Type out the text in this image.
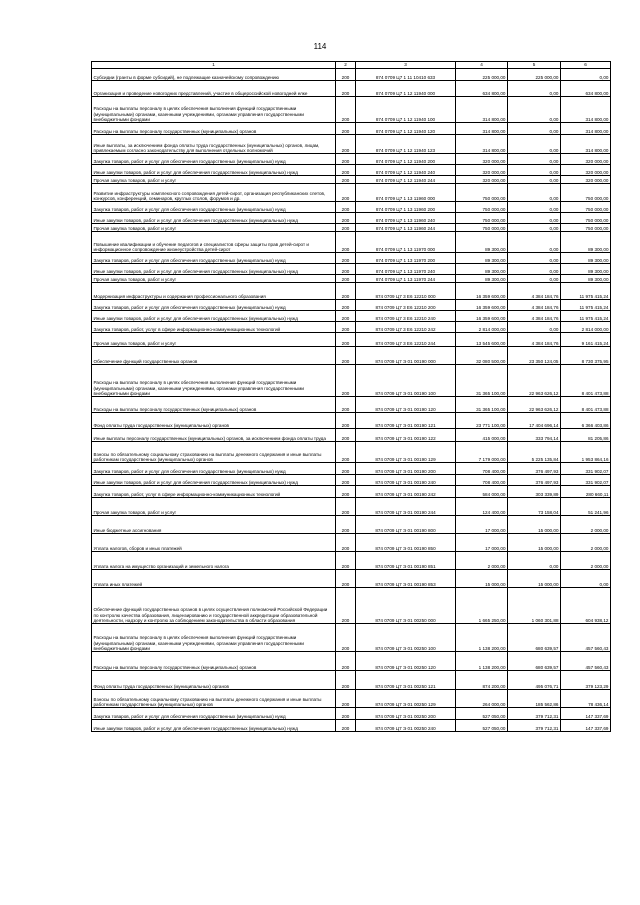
114
1	2	3	4	5	6
Субсидии (гранты в форме субсидий), не подлежащие казначейскому сопровождению	200	874 0709 Ц7 1 11 10410 633	225 000,00	225 000,00	0,00
Организация и проведение новогодних представлений, участие в общероссийской новогодней елке	200	874 0709 Ц7 1 12 11940 000	634 800,00	0,00	634 800,00
Расходы на выплаты персоналу в целях обеспечения выполнения функций государственными (муниципальными) органами, казенными учреждениями, органами управления государственными внебюджетными фондами	200	874 0709 Ц7 1 12 11940 100	314 800,00	0,00	314 800,00
Расходы на выплаты персоналу государственных (муниципальных) органов	200	874 0709 Ц7 1 12 11940 120	314 800,00	0,00	314 800,00
Иные выплаты, за исключением фонда оплаты труда государственных (муниципальных) органов, лицам, привлекаемым согласно законодательству для выполнения отдельных полномочий	200	874 0709 Ц7 1 12 11940 123	314 800,00	0,00	314 800,00
Закупка товаров, работ и услуг для обеспечения государственных (муниципальных) нужд	200	874 0709 Ц7 1 12 11940 200	320 000,00	0,00	320 000,00
Иные закупки товаров, работ и услуг для обеспечения государственных (муниципальных) нужд	200	874 0709 Ц7 1 12 11940 240	320 000,00	0,00	320 000,00
Прочая закупка товаров, работ и услуг	200	874 0709 Ц7 1 12 11940 244	320 000,00	0,00	320 000,00
Развитие инфраструктуры комплексного сопровождения детей-сирот, организация республиканских слетов, конкурсов, конференций, семинаров, круглых столов, форумов и др.	200	874 0709 Ц7 1 13 11960 000	750 000,00	0,00	750 000,00
Закупка товаров, работ и услуг для обеспечения государственных (муниципальных) нужд	200	874 0709 Ц7 1 13 11960 200	750 000,00	0,00	750 000,00
Иные закупки товаров, работ и услуг для обеспечения государственных (муниципальных) нужд	200	874 0709 Ц7 1 13 11960 240	750 000,00	0,00	750 000,00
Прочая закупка товаров, работ и услуг	200	874 0709 Ц7 1 13 11960 244	750 000,00	0,00	750 000,00
Повышение квалификации и обучение педагогов и специалистов сферы защиты прав детей-сирот и информационное сопровождение жизнеустройства детей-сирот	200	874 0709 Ц7 1 13 11970 000	89 300,00	0,00	89 300,00
Закупка товаров, работ и услуг для обеспечения государственных (муниципальных) нужд	200	874 0709 Ц7 1 13 11970 200	89 300,00	0,00	89 300,00
Иные закупки товаров, работ и услуг для обеспечения государственных (муниципальных) нужд	200	874 0709 Ц7 1 13 11970 240	89 300,00	0,00	89 300,00
Прочая закупка товаров, работ и услуг	200	874 0709 Ц7 1 13 11970 244	89 300,00	0,00	89 300,00
Модернизация инфраструктуры и содержания профессионального образования	200	874 0709 Ц7 3 Е6 12210 000	16 359 600,00	4 384 184,76	11 975 415,24
Закупка товаров, работ и услуг для обеспечения государственных (муниципальных) нужд	200	874 0709 Ц7 3 Е6 12210 200	16 359 600,00	4 384 184,76	11 975 415,24
Иные закупки товаров, работ и услуг для обеспечения государственных (муниципальных) нужд	200	874 0709 Ц7 3 Е6 12210 240	16 359 600,00	4 384 184,76	11 975 415,24
Закупка товаров, работ, услуг в сфере информационно-коммуникационных технологий	200	874 0709 Ц7 3 Е6 12210 242	2 814 000,00	0,00	2 814 000,00
Прочая закупка товаров, работ и услуг	200	874 0709 Ц7 3 Е6 12210 244	13 545 600,00	4 384 184,76	9 161 415,24
Обеспечение функций государственных органов	200	874 0709 Ц7 Э 01 00190 000	32 080 500,00	23 350 124,05	8 730 375,95
Расходы на выплаты персоналу в целях обеспечения выполнения функций государственными (муниципальными) органами, казенными учреждениями, органами управления государственными внебюджетными фондами	200	874 0709 Ц7 Э 01 00190 100	31 365 100,00	22 963 626,12	8 401 473,88
Расходы на выплаты персоналу государственных (муниципальных) органов	200	874 0709 Ц7 Э 01 00190 120	31 365 100,00	22 963 626,12	8 401 473,88
Фонд оплаты труда государственных (муниципальных) органов	200	874 0709 Ц7 Э 01 00190 121	23 771 100,00	17 404 696,14	6 366 403,86
Иные выплаты персоналу государственных (муниципальных) органов, за исключением фонда оплаты труда	200	874 0709 Ц7 Э 01 00190 122	415 000,00	333 794,14	81 205,86
Взносы по обязательному социальному страхованию на выплаты денежного содержания и иные выплаты работникам государственных (муниципальных) органов	200	874 0709 Ц7 Э 01 00190 129	7 179 000,00	5 225 135,84	1 953 864,16
Закупка товаров, работ и услуг для обеспечения государственных (муниципальных) нужд	200	874 0709 Ц7 Э 01 00190 200	708 400,00	376 497,93	331 902,07
Иные закупки товаров, работ и услуг для обеспечения государственных (муниципальных) нужд	200	874 0709 Ц7 Э 01 00190 240	708 400,00	376 497,93	331 902,07
Закупка товаров, работ, услуг в сфере информационно-коммуникационных технологий	200	874 0709 Ц7 Э 01 00190 242	584 000,00	303 339,89	280 660,11
Прочая закупка товаров, работ и услуг	200	874 0709 Ц7 Э 01 00190 244	124 400,00	73 158,04	51 241,96
Иные бюджетные ассигнования	200	874 0709 Ц7 Э 01 00190 800	17 000,00	15 000,00	2 000,00
Уплата налогов, сборов и иных платежей	200	874 0709 Ц7 Э 01 00190 850	17 000,00	15 000,00	2 000,00
Уплата налога на имущество организаций и земельного налога	200	874 0709 Ц7 Э 01 00190 851	2 000,00	0,00	2 000,00
Уплата иных платежей	200	874 0709 Ц7 Э 01 00190 853	15 000,00	15 000,00	0,00
Обеспечение функций государственных органов в целях осуществления полномочий Российской Федерации по контролю качества образования, лицензированию и государственной аккредитации образовательной деятельности, надзору и контролю за соблюдением законодательства в области образования	200	874 0709 Ц7 Э 01 00250 000	1 665 250,00	1 060 301,88	604 938,12
Расходы на выплаты персоналу в целях обеспечения выполнения функций государственными (муниципальными) органами, казенными учреждениями, органами управления государственными внебюджетными фондами	200	874 0709 Ц7 Э 01 00250 100	1 138 200,00	680 639,57	457 560,43
Расходы на выплаты персоналу государственных (муниципальных) органов	200	874 0709 Ц7 Э 01 00250 120	1 138 200,00	680 639,57	457 560,43
Фонд оплаты труда государственных (муниципальных) органов	200	874 0709 Ц7 Э 01 00250 121	874 200,00	495 076,71	379 123,29
Взносы по обязательному социальному страхованию на выплаты денежного содержания и иные выплаты работникам государственных (муниципальных) органов	200	874 0709 Ц7 Э 01 00250 129	264 000,00	185 562,86	78 436,14
Закупка товаров, работ и услуг для обеспечения государственных (муниципальных) нужд	200	874 0709 Ц7 Э 01 00250 200	527 050,00	379 712,31	147 337,69
Иные закупки товаров, работ и услуг для обеспечения государственных (муниципальных) нужд	200	874 0709 Ц7 Э 01 00250 240	527 050,00	379 712,31	147 337,69
